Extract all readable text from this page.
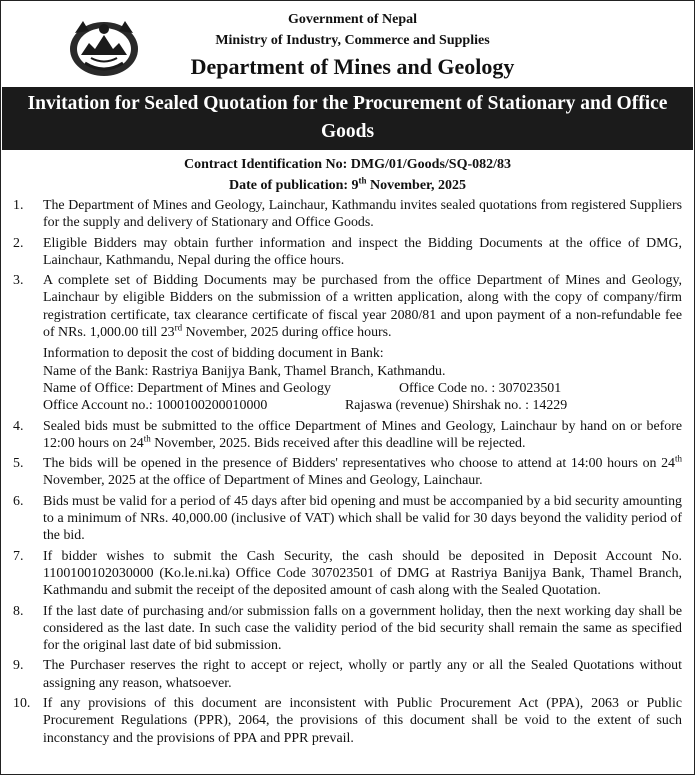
Government of Nepal
Ministry of Industry, Commerce and Supplies
Department of Mines and Geology
Invitation for Sealed Quotation for the Procurement of Stationary and Office Goods
Contract Identification No: DMG/01/Goods/SQ-082/83
Date of publication: 9th November, 2025
1.	The Department of Mines and Geology, Lainchaur, Kathmandu invites sealed quotations from registered Suppliers for the supply and delivery of Stationary and Office Goods.
2.	Eligible Bidders may obtain further information and inspect the Bidding Documents at the office of DMG, Lainchaur, Kathmandu, Nepal during the office hours.
3.	A complete set of Bidding Documents may be purchased from the office Department of Mines and Geology, Lainchaur by eligible Bidders on the submission of a written application, along with the copy of company/firm registration certificate, tax clearance certificate of fiscal year 2080/81 and upon payment of a non-refundable fee of NRs. 1,000.00 till 23rd November, 2025 during office hours.
Information to deposit the cost of bidding document in Bank:
Name of the Bank: Rastriya Banijya Bank, Thamel Branch, Kathmandu.
Name of Office: Department of Mines and Geology	Office Code no. : 307023501
Office Account no.: 1000100200010000	Rajaswa (revenue) Shirshak no. : 14229
4.	Sealed bids must be submitted to the office Department of Mines and Geology, Lainchaur by hand on or before 12:00 hours on 24th November, 2025. Bids received after this deadline will be rejected.
5.	The bids will be opened in the presence of Bidders' representatives who choose to attend at 14:00 hours on 24th November, 2025 at the office of Department of Mines and Geology, Lainchaur.
6.	Bids must be valid for a period of 45 days after bid opening and must be accompanied by a bid security amounting to a minimum of NRs. 40,000.00 (inclusive of VAT) which shall be valid for 30 days beyond the validity period of the bid.
7.	If bidder wishes to submit the Cash Security, the cash should be deposited in Deposit Account No. 1100100102030000 (Ko.le.ni.ka) Office Code 307023501 of DMG at Rastriya Banijya Bank, Thamel Branch, Kathmandu and submit the receipt of the deposited amount of cash along with the Sealed Quotation.
8.	If the last date of purchasing and/or submission falls on a government holiday, then the next working day shall be considered as the last date. In such case the validity period of the bid security shall remain the same as specified for the original last date of bid submission.
9.	The Purchaser reserves the right to accept or reject, wholly or partly any or all the Sealed Quotations without assigning any reason, whatsoever.
10. If any provisions of this document are inconsistent with Public Procurement Act (PPA), 2063 or Public Procurement Regulations (PPR), 2064, the provisions of this document shall be void to the extent of such inconstancy and the provisions of PPA and PPR prevail.
